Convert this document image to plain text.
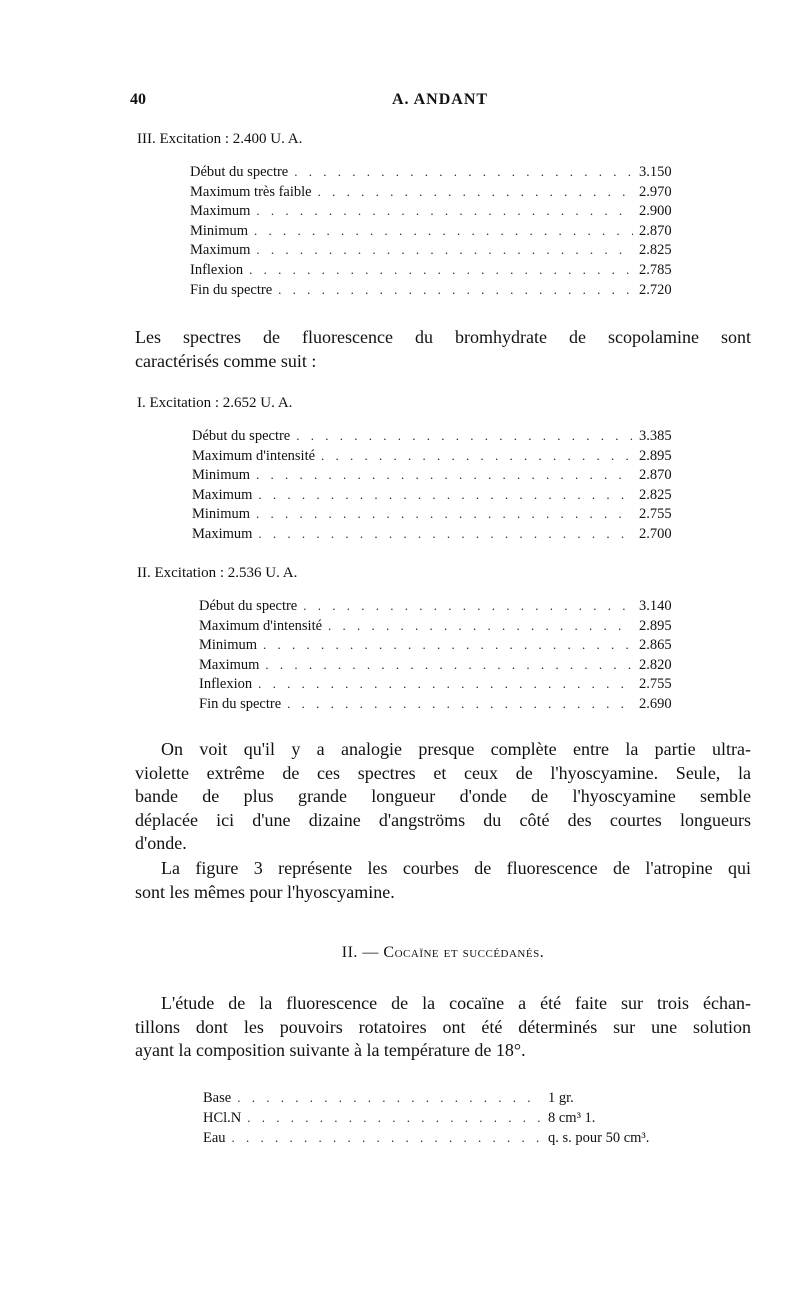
40	A. ANDANT
III. Excitation : 2.400 U. A.
Début du spectre . . .	3.150
Maximum très faible . . .	2.970
Maximum . . .	2.900
Minimum . . .	2.870
Maximum . . .	2.825
Inflexion . . .	2.785
Fin du spectre . . .	2.720
Les spectres de fluorescence du bromhydrate de scopolamine sont
caractérisés comme suit :
I. Excitation : 2.652 U. A.
Début du spectre . . .	3.385
Maximum d'intensité . . .	2.895
Minimum . . .	2.870
Maximum . . .	2.825
Minimum . . .	2.755
Maximum . . .	2.700
II. Excitation : 2.536 U. A.
Début du spectre . . .	3.140
Maximum d'intensité . . .	2.895
Minimum . . .	2.865
Maximum . . .	2.820
Inflexion . . .	2.755
Fin du spectre . . .	2.690
On voit qu'il y a analogie presque complète entre la partie ultra-
violette extrême de ces spectres et ceux de l'hyoscyamine. Seule, la
bande de plus grande longueur d'onde de l'hyoscyamine semble
déplacée ici d'une dizaine d'angströms du côté des courtes longueurs
d'onde.
La figure 3 représente les courbes de fluorescence de l'atropine qui
sont les mêmes pour l'hyoscyamine.
II. — Cocaïne et succédanés.
L'étude de la fluorescence de la cocaïne a été faite sur trois échan-
tillons dont les pouvoirs rotatoires ont été déterminés sur une solution
ayant la composition suivante à la température de 18°.
Base . . .	1 gr.
HCl.N . . .	8 cm³ 1.
Eau . . .	q. s. pour 50 cm³.
